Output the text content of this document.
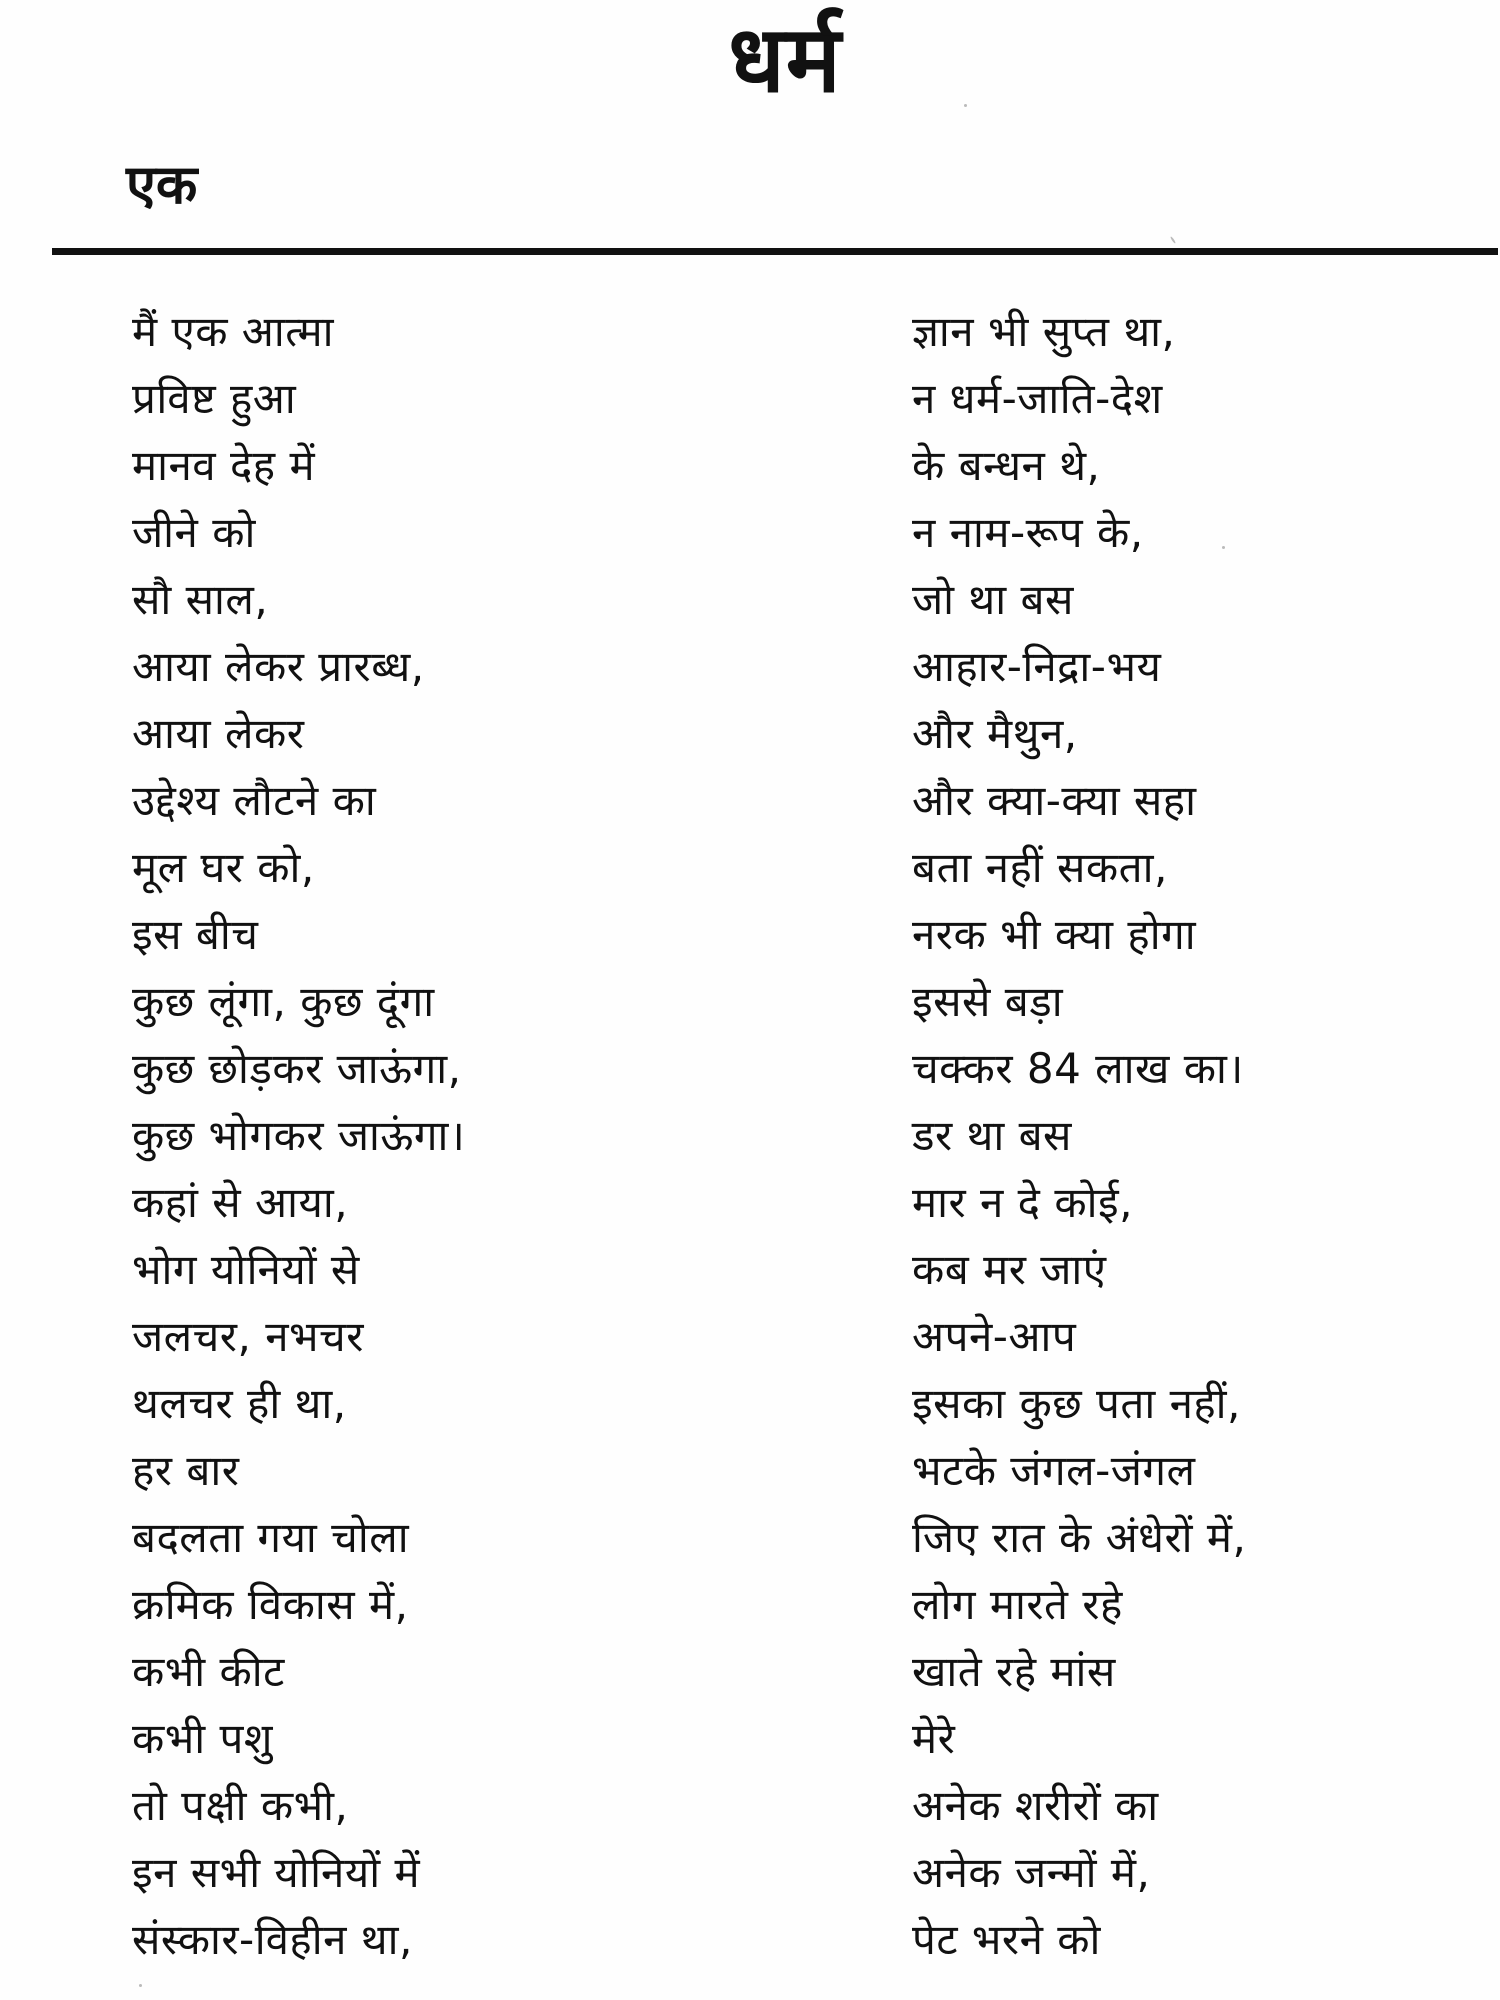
धर्म
एक
मैं एक आत्मा
प्रविष्ट हुआ
मानव देह में
जीने को
सौ साल,
आया लेकर प्रारब्ध,
आया लेकर
उद्देश्य लौटने का
मूल घर को,
इस बीच
कुछ लूंगा, कुछ दूंगा
कुछ छोड़कर जाऊंगा,
कुछ भोगकर जाऊंगा।
कहां से आया,
भोग योनियों से
जलचर, नभचर
थलचर ही था,
हर बार
बदलता गया चोला
क्रमिक विकास में,
कभी कीट
कभी पशु
तो पक्षी कभी,
इन सभी योनियों में
संस्कार-विहीन था,
ज्ञान भी सुप्त था,
न धर्म-जाति-देश
के बन्धन थे,
न नाम-रूप के,
जो था बस
आहार-निद्रा-भय
और मैथुन,
और क्या-क्या सहा
बता नहीं सकता,
नरक भी क्या होगा
इससे बड़ा
चक्कर 84 लाख का।
डर था बस
मार न दे कोई,
कब मर जाएं
अपने-आप
इसका कुछ पता नहीं,
भटके जंगल-जंगल
जिए रात के अंधेरों में,
लोग मारते रहे
खाते रहे मांस
मेरे
अनेक शरीरों का
अनेक जन्मों में,
पेट भरने को
